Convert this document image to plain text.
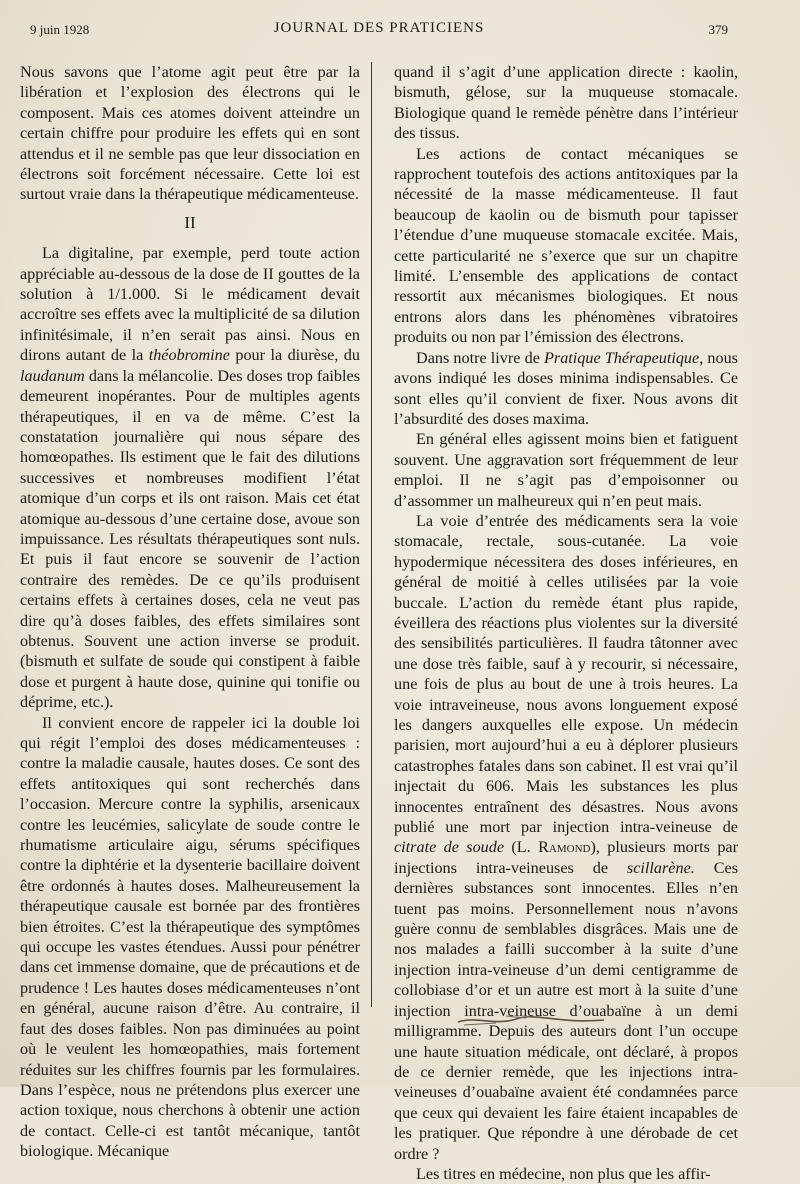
9 juin 1928	JOURNAL DES PRATICIENS	379

Nous savons que l’atome agit peut être par la libération et l’explosion des électrons qui le composent. Mais ces atomes doivent atteindre un certain chiffre pour produire les effets qui en sont attendus et il ne semble pas que leur dissociation en électrons soit forcément nécessaire. Cette loi est surtout vraie dans la thérapeutique médicamenteuse.

II

La digitaline, par exemple, perd toute action appréciable au-dessous de la dose de II gouttes de la solution à 1/1.000. Si le médicament devait accroître ses effets avec la multiplicité de sa dilution infinitésimale, il n’en serait pas ainsi. Nous en dirons autant de la théobromine pour la diurèse, du laudanum dans la mélancolie. Des doses trop faibles demeurent inopérantes. Pour de multiples agents thérapeutiques, il en va de même. C’est la constatation journalière qui nous sépare des homœopathes. Ils estiment que le fait des dilutions successives et nombreuses modifient l’état atomique d’un corps et ils ont raison. Mais cet état atomique au-dessous d’une certaine dose, avoue son impuissance. Les résultats thérapeutiques sont nuls. Et puis il faut encore se souvenir de l’action contraire des remèdes. De ce qu’ils produisent certains effets à certaines doses, cela ne veut pas dire qu’à doses faibles, des effets similaires sont obtenus. Souvent une action inverse se produit. (bismuth et sulfate de soude qui constipent à faible dose et purgent à haute dose, quinine qui tonifie ou déprime, etc.).

Il convient encore de rappeler ici la double loi qui régit l’emploi des doses médicamenteuses : contre la maladie causale, hautes doses. Ce sont des effets antitoxiques qui sont recherchés dans l’occasion. Mercure contre la syphilis, arsenicaux contre les leucémies, salicylate de soude contre le rhumatisme articulaire aigu, sérums spécifiques contre la diphtérie et la dysenterie bacillaire doivent être ordonnés à hautes doses. Malheureusement la thérapeutique causale est bornée par des frontières bien étroites. C’est la thérapeutique des symptômes qui occupe les vastes étendues. Aussi pour pénétrer dans cet immense domaine, que de précautions et de prudence ! Les hautes doses médicamenteuses n’ont en général, aucune raison d’être. Au contraire, il faut des doses faibles. Non pas diminuées au point où le veulent les homœopathies, mais fortement réduites sur les chiffres fournis par les formulaires. Dans l’espèce, nous ne prétendons plus exercer une action toxique, nous cherchons à obtenir une action de contact. Celle-ci est tantôt mécanique, tantôt biologique. Mécanique

quand il s’agit d’une application directe : kaolin, bismuth, gélose, sur la muqueuse stomacale. Biologique quand le remède pénètre dans l’intérieur des tissus.

Les actions de contact mécaniques se rapprochent toutefois des actions antitoxiques par la nécessité de la masse médicamenteuse. Il faut beaucoup de kaolin ou de bismuth pour tapisser l’étendue d’une muqueuse stomacale excitée. Mais, cette particularité ne s’exerce que sur un chapitre limité. L’ensemble des applications de contact ressortit aux mécanismes biologiques. Et nous entrons alors dans les phénomènes vibratoires produits ou non par l’émission des électrons.

Dans notre livre de Pratique Thérapeutique, nous avons indiqué les doses minima indispensables. Ce sont elles qu’il convient de fixer. Nous avons dit l’absurdité des doses maxima.

En général elles agissent moins bien et fatiguent souvent. Une aggravation sort fréquemment de leur emploi. Il ne s’agit pas d’empoisonner ou d’assommer un malheureux qui n’en peut mais.

La voie d’entrée des médicaments sera la voie stomacale, rectale, sous-cutanée. La voie hypodermique nécessitera des doses inférieures, en général de moitié à celles utilisées par la voie buccale. L’action du remède étant plus rapide, éveillera des réactions plus violentes sur la diversité des sensibilités particulières. Il faudra tâtonner avec une dose très faible, sauf à y recourir, si nécessaire, une fois de plus au bout de une à trois heures. La voie intraveineuse, nous avons longuement exposé les dangers auxquelles elle expose. Un médecin parisien, mort aujourd’hui a eu à déplorer plusieurs catastrophes fatales dans son cabinet. Il est vrai qu’il injectait du 606. Mais les substances les plus innocentes entraînent des désastres. Nous avons publié une mort par injection intra-veineuse de citrate de soude (L. Ramond), plusieurs morts par injections intra-veineuses de scillarène. Ces dernières substances sont innocentes. Elles n’en tuent pas moins. Personnellement nous n’avons guère connu de semblables disgrâces. Mais une de nos malades a failli succomber à la suite d’une injection intra-veineuse d’un demi centigramme de collobiase d’or et un autre est mort à la suite d’une injection intra-veineuse d’ouabaïne à un demi milligramme. Depuis des auteurs dont l’un occupe une haute situation médicale, ont déclaré, à propos de ce dernier remède, que les injections intra-veineuses d’ouabaïne avaient été condamnées parce que ceux qui devaient les faire étaient incapables de les pratiquer. Que répondre à une dérobade de cet ordre ?

Les titres en médecine, non plus que les affir-
